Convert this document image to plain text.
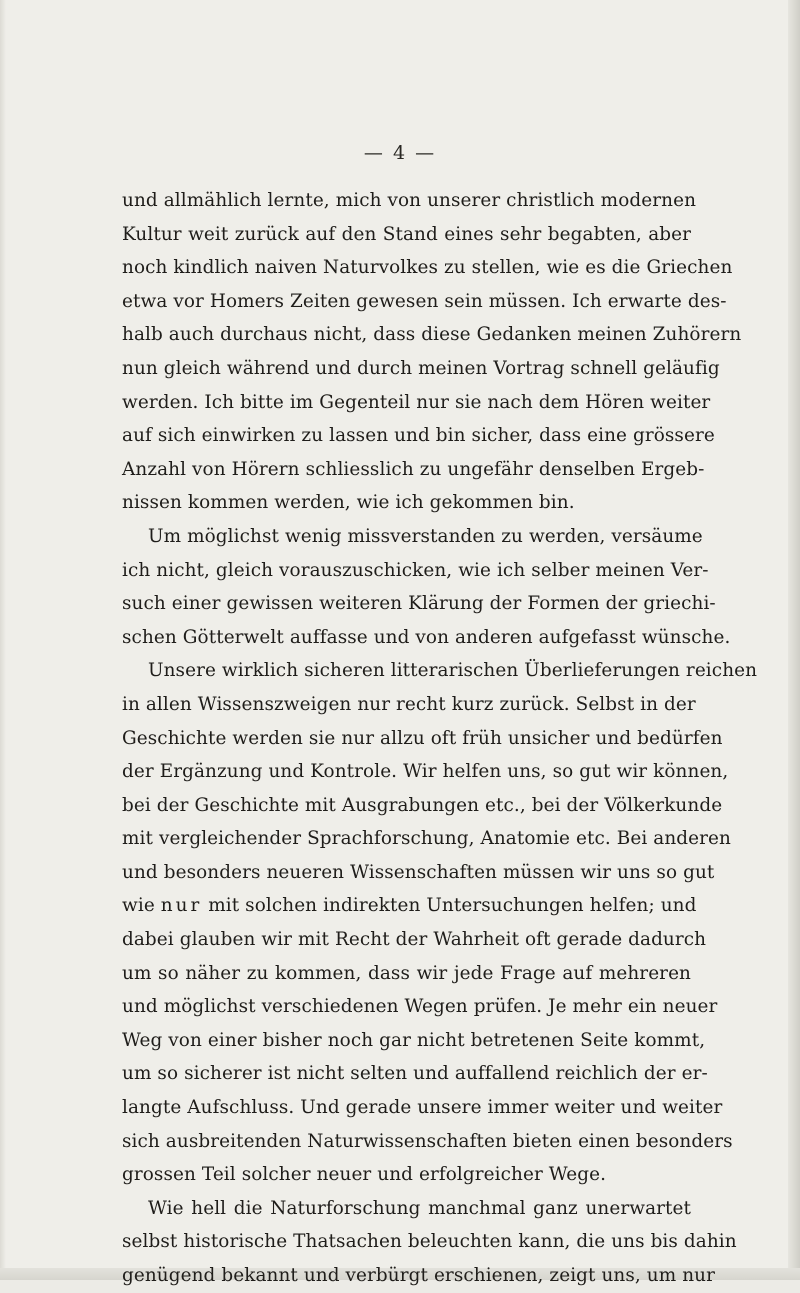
— 4 —
und allmählich lernte, mich von unserer christlich modernen
Kultur weit zurück auf den Stand eines sehr begabten, aber
noch kindlich naiven Naturvolkes zu stellen, wie es die Griechen
etwa vor Homers Zeiten gewesen sein müssen. Ich erwarte des-
halb auch durchaus nicht, dass diese Gedanken meinen Zuhörern
nun gleich während und durch meinen Vortrag schnell geläufig
werden. Ich bitte im Gegenteil nur sie nach dem Hören weiter
auf sich einwirken zu lassen und bin sicher, dass eine grössere
Anzahl von Hörern schliesslich zu ungefähr denselben Ergeb-
nissen kommen werden, wie ich gekommen bin.
Um möglichst wenig missverstanden zu werden, versäume
ich nicht, gleich vorauszuschicken, wie ich selber meinen Ver-
such einer gewissen weiteren Klärung der Formen der griechi-
schen Götterwelt auffasse und von anderen aufgefasst wünsche.
Unsere wirklich sicheren litterarischen Überlieferungen reichen
in allen Wissenszweigen nur recht kurz zurück. Selbst in der
Geschichte werden sie nur allzu oft früh unsicher und bedürfen
der Ergänzung und Kontrole. Wir helfen uns, so gut wir können,
bei der Geschichte mit Ausgrabungen etc., bei der Völkerkunde
mit vergleichender Sprachforschung, Anatomie etc. Bei anderen
und besonders neueren Wissenschaften müssen wir uns so gut
wie nur mit solchen indirekten Untersuchungen helfen; und
dabei glauben wir mit Recht der Wahrheit oft gerade dadurch
um so näher zu kommen, dass wir jede Frage auf mehreren
und möglichst verschiedenen Wegen prüfen. Je mehr ein neuer
Weg von einer bisher noch gar nicht betretenen Seite kommt,
um so sicherer ist nicht selten und auffallend reichlich der er-
langte Aufschluss. Und gerade unsere immer weiter und weiter
sich ausbreitenden Naturwissenschaften bieten einen besonders
grossen Teil solcher neuer und erfolgreicher Wege.
Wie hell die Naturforschung manchmal ganz unerwartet
selbst historische Thatsachen beleuchten kann, die uns bis dahin
genügend bekannt und verbürgt erschienen, zeigt uns, um nur
